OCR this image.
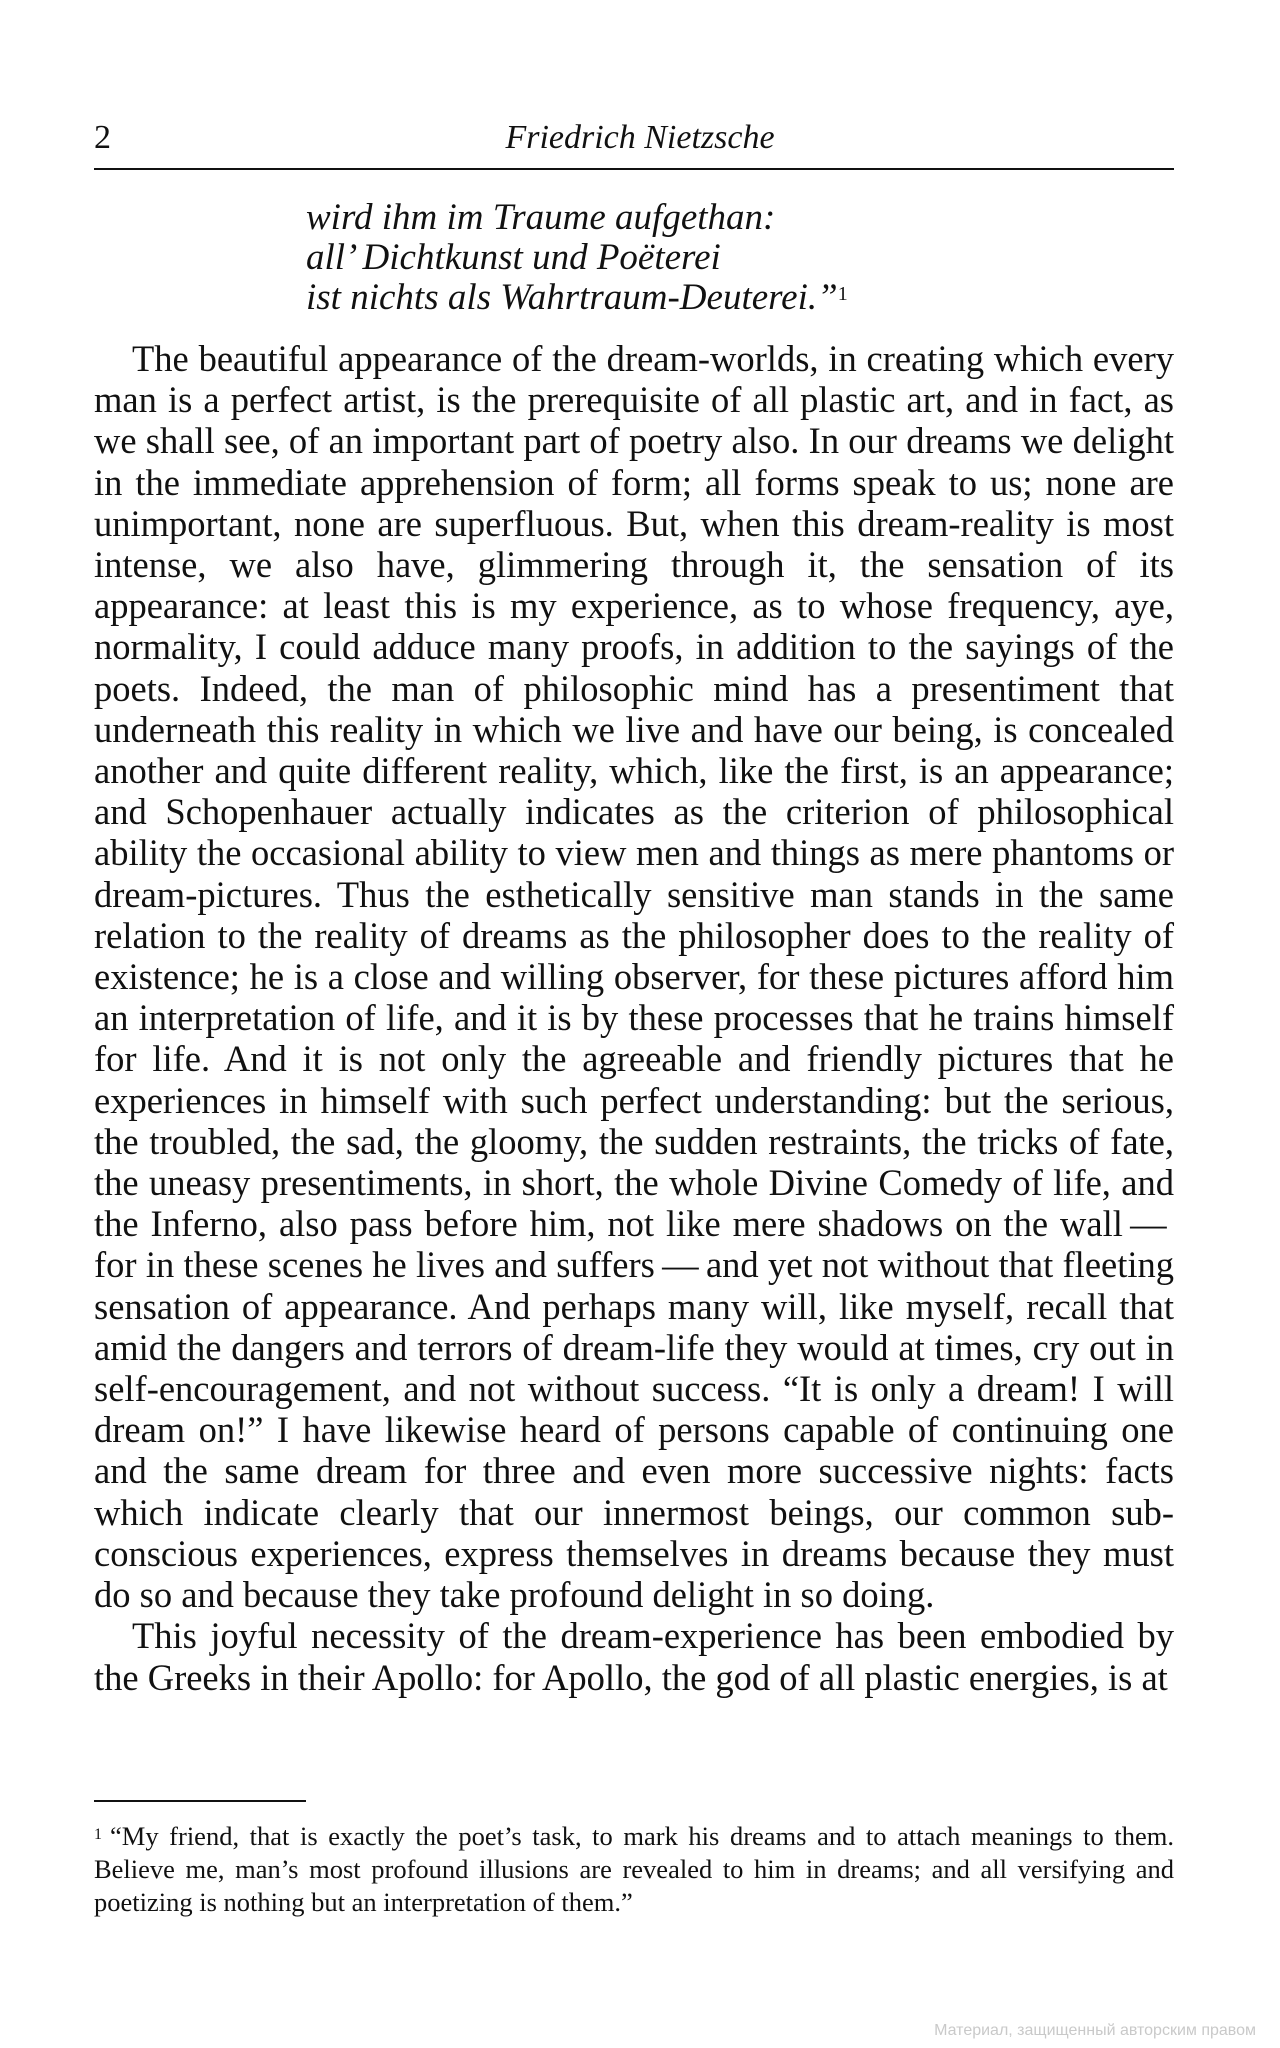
2	Friedrich Nietzsche
wird ihm im Traume aufgethan:
all’ Dichtkunst und Poëterei
ist nichts als Wahrtraum-Deuterei.”$^1$

The beautiful appearance of the dream-worlds, in creating which every man is a perfect artist, is the prerequisite of all plastic art, and in fact, as we shall see, of an important part of poetry also. In our dreams we delight in the immediate apprehension of form; all forms speak to us; none are unimportant, none are superfluous. But, when this dream-reality is most intense, we also have, glimmering through it, the sensation of its appearance: at least this is my experience, as to whose frequency, aye, normality, I could adduce many proofs, in addition to the sayings of the poets. Indeed, the man of philosophic mind has a presentiment that underneath this reality in which we live and have our being, is concealed another and quite different reality, which, like the first, is an appearance; and Schopenhauer actually indicates as the criterion of philosophical ability the occasional ability to view men and things as mere phantoms or dream-pictures. Thus the esthetically sensitive man stands in the same relation to the reality of dreams as the philosopher does to the reality of existence; he is a close and willing observer, for these pictures afford him an interpretation of life, and it is by these processes that he trains himself for life. And it is not only the agreeable and friendly pictures that he experiences in himself with such perfect understanding: but the serious, the troubled, the sad, the gloomy, the sudden restraints, the tricks of fate, the uneasy presentiments, in short, the whole Divine Comedy of life, and the Inferno, also pass before him, not like mere shadows on the wall — for in these scenes he lives and suffers — and yet not without that fleeting sensation of appearance. And perhaps many will, like myself, recall that amid the dangers and terrors of dream-life they would at times, cry out in self-encouragement, and not without success. “It is only a dream! I will dream on!” I have likewise heard of persons capable of continuing one and the same dream for three and even more successive nights: facts which indicate clearly that our innermost beings, our common subconscious experiences, express themselves in dreams because they must do so and because they take profound delight in so doing.

This joyful necessity of the dream-experience has been embodied by the Greeks in their Apollo: for Apollo, the god of all plastic energies, is at

$^1$ “My friend, that is exactly the poet’s task, to mark his dreams and to attach meanings to them. Believe me, man’s most profound illusions are revealed to him in dreams; and all versifying and poetizing is nothing but an interpretation of them.”
Материал, защищенный авторским правом
